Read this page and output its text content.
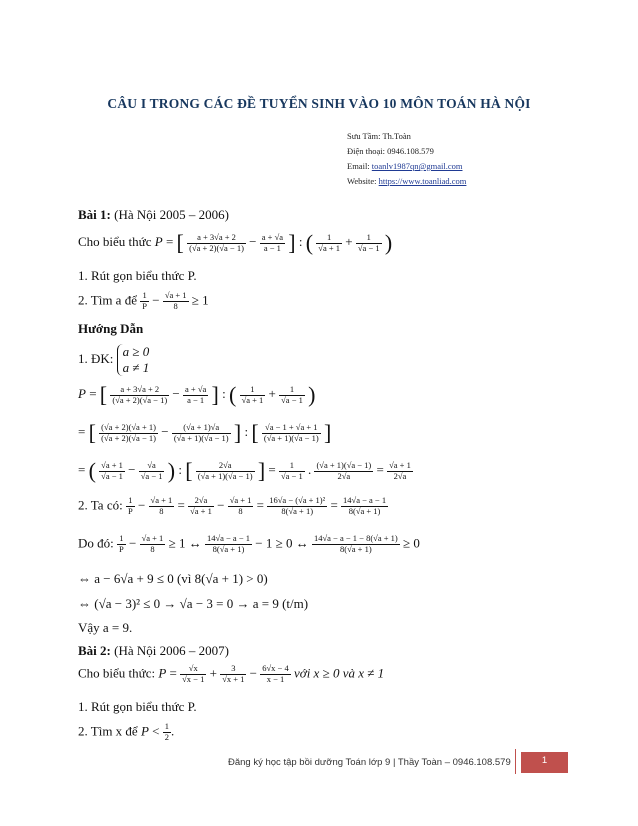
CÂU I TRONG CÁC ĐỀ TUYỂN SINH VÀO 10 MÔN TOÁN HÀ NỘI
Sưu Tầm: Th.Toàn
Điện thoại: 0946.108.579
Email: toanlv1987qn@gmail.com
Website: https://www.toanliad.com
Bài 1: (Hà Nội 2005 – 2006)
Cho biểu thức P = [ $\frac{a + 3√a + 2}{(√a + 2)(√a - 1)} - \frac{a + √a}{a - 1}$ ] : ( $\frac{1}{√a + 1} + \frac{1}{√a - 1}$ )
1. Rút gọn biểu thức P.
2. Tìm a để $\frac{1}{P} - \frac{√a + 1}{8} \ge 1$
Hướng Dẫn
1. ĐK: a ≥ 0
a ≠ 1
P = [ $\frac{a + 3√a + 2}{(√a + 2)(√a - 1)} - \frac{a + √a}{a - 1}$ ] : ( $\frac{1}{√a + 1} + \frac{1}{√a - 1}$ )
= [ $\frac{(√a + 2)(√a + 1)}{(√a + 2)(√a - 1)} - \frac{(√a + 1)√a}{(√a + 1)(√a - 1)}$ ] : [ $\frac{√a - 1 + √a + 1}{(√a + 1)(√a - 1)}$ ]
= ( $\frac{√a + 1}{√a - 1} - \frac{√a}{√a - 1}$ ) : [ $\frac{2√a}{(√a + 1)(√a - 1)}$ ] = $\frac{1}{√a - 1}$ . $\frac{(√a + 1)(√a - 1)}{2√a} = \frac{√a + 1}{2√a}$
2. Ta có: $\frac{1}{P} - \frac{√a + 1}{8} = \frac{2√a}{√a + 1} - \frac{√a + 1}{8} = \frac{\text{16√a − (√a + 1)²}}{8(√a + 1)} = \frac{14√a - a - 1}{8(√a + 1)}$
Do đó: $\frac{1}{P} - \frac{√a + 1}{8} \ge 1$ ↔ $\frac{14√a - a - 1}{8(√a + 1)} - 1 \ge 0$ ↔ $\frac{14√a - a - 1 - 8(√a + 1)}{8(√a + 1)} \ge 0$
⇔ a − 6√a + 9 ≤ 0 (vì 8(√a + 1) > 0)
⇔ (√a − 3)² ≤ 0 → √a − 3 = 0 → a = 9 (t/m)
Vậy a = 9.
Bài 2: (Hà Nội 2006 – 2007)
Cho biểu thức: $P = \frac{√x}{√x - 1} + \frac{3}{√x + 1} - \frac{6√x - 4}{x - 1}$ với x ≥ 0 và x ≠ 1
1. Rút gọn biểu thức P.
2. Tìm x để $P < \frac{1}{2}$ .
Đăng ký học tập bồi dưỡng Toán lớp 9 | Thầy Toàn – 0946.108.579	1
